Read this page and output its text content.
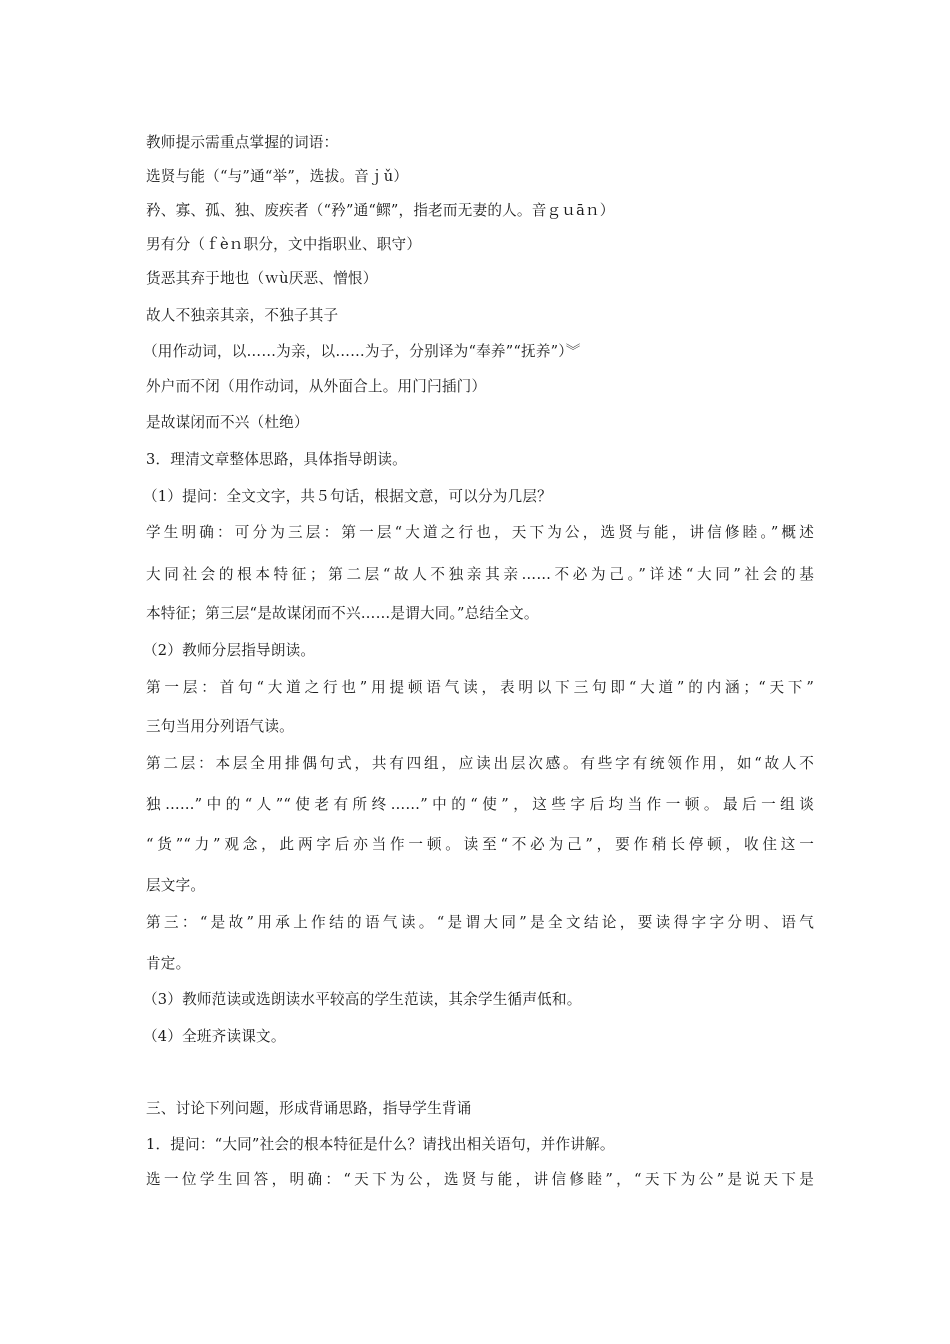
教师提示需重点掌握的词语：
选贤与能（“与”通“举”，选拔。音ｊǔ）
矜、寡、孤、独、废疾者（“矜”通“鳏”，指老而无妻的人。音ｇｕāｎ）
男有分（ｆèｎ职分，文中指职业、职守）
货恶其弃于地也（ｗù厌恶、憎恨）
故人不独亲其亲，不独子其子
（用作动词，以……为亲，以……为子，分别译为“奉养”“抚养”）︾
外户而不闭（用作动词，从外面合上。用门闩插门）
是故谋闭而不兴（杜绝）
3．理清文章整体思路，具体指导朗读。
（1）提问：全文文字，共５句话，根据文意，可以分为几层？
学生明确：可分为三层：第一层“大道之行也，天下为公，选贤与能，讲信修睦。”概述
大同社会的根本特征；第二层“故人不独亲其亲……不必为己。”详述“大同”社会的基
本特征；第三层“是故谋闭而不兴……是谓大同。”总结全文。
（2）教师分层指导朗读。
第一层：首句“大道之行也”用提顿语气读，表明以下三句即“大道”的内涵；“天下”
三句当用分列语气读。
第二层：本层全用排偶句式，共有四组，应读出层次感。有些字有统领作用，如“故人不
独……”中的“人”“使老有所终……”中的“使”，这些字后均当作一顿。最后一组谈
“货”“力”观念，此两字后亦当作一顿。读至“不必为己”，要作稍长停顿，收住这一
层文字。
第三：“是故”用承上作结的语气读。“是谓大同”是全文结论，要读得字字分明、语气
肯定。
（3）教师范读或选朗读水平较高的学生范读，其余学生循声低和。
（4）全班齐读课文。
三、讨论下列问题，形成背诵思路，指导学生背诵
1．提问：“大同”社会的根本特征是什么？请找出相关语句，并作讲解。
选一位学生回答，明确：“天下为公，选贤与能，讲信修睦”，“天下为公”是说天下是
